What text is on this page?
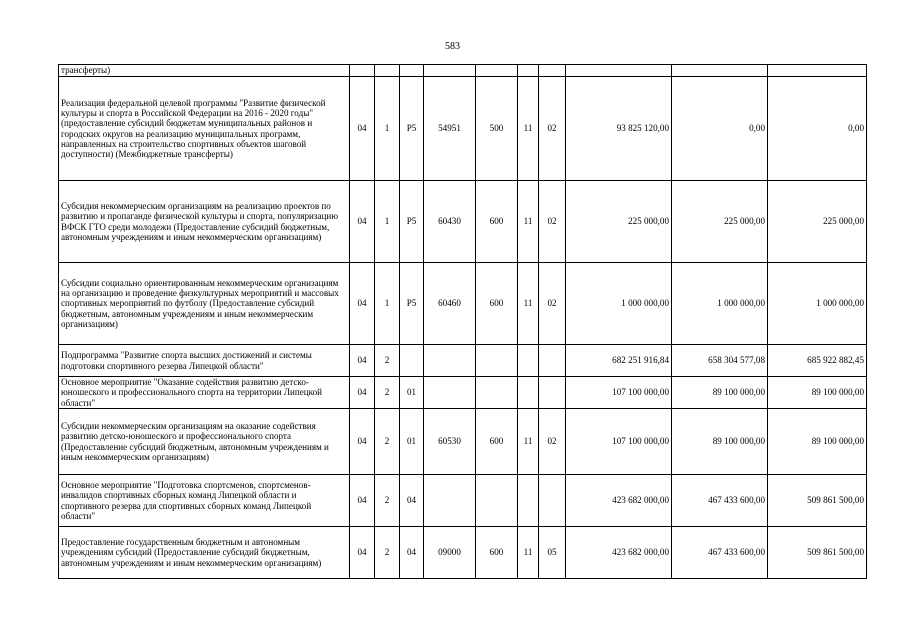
583
трансферты)										
Реализация федеральной целевой программы "Развитие физической культуры и спорта в Российской Федерации на 2016 - 2020 годы" (предоставление субсидий бюджетам муниципальных районов и городских округов на реализацию муниципальных программ, направленных на строительство спортивных объектов шаговой доступности) (Межбюджетные трансферты)	04	1	P5	54951	500	11	02	93 825 120,00	0,00	0,00
Субсидия некоммерческим организациям на реализацию проектов по развитию и пропаганде физической культуры и спорта, популяризацию ВФСК ГТО среди молодежи (Предоставление субсидий бюджетным, автономным учреждениям и иным некоммерческим организациям)	04	1	P5	60430	600	11	02	225 000,00	225 000,00	225 000,00
Субсидии социально ориентированным некоммерческим организациям на организацию и проведение физкультурных мероприятий и массовых спортивных мероприятий по футболу (Предоставление субсидий бюджетным, автономным учреждениям и иным некоммерческим организациям)	04	1	P5	60460	600	11	02	1 000 000,00	1 000 000,00	1 000 000,00
Подпрограмма "Развитие спорта высших достижений и системы подготовки спортивного резерва Липецкой области"	04	2						682 251 916,84	658 304 577,08	685 922 882,45
Основное мероприятие "Оказание содействия развитию детско-юношеского и профессионального спорта на территории Липецкой области"	04	2	01					107 100 000,00	89 100 000,00	89 100 000,00
Субсидии некоммерческим организациям на оказание содействия развитию детско-юношеского и профессионального спорта (Предоставление субсидий бюджетным, автономным учреждениям и иным некоммерческим организациям)	04	2	01	60530	600	11	02	107 100 000,00	89 100 000,00	89 100 000,00
Основное мероприятие "Подготовка спортсменов, спортсменов-инвалидов спортивных сборных команд Липецкой области и спортивного резерва для спортивных сборных команд Липецкой области"	04	2	04					423 682 000,00	467 433 600,00	509 861 500,00
Предоставление государственным бюджетным и автономным учреждениям субсидий (Предоставление субсидий бюджетным, автономным учреждениям и иным некоммерческим организациям)	04	2	04	09000	600	11	05	423 682 000,00	467 433 600,00	509 861 500,00
